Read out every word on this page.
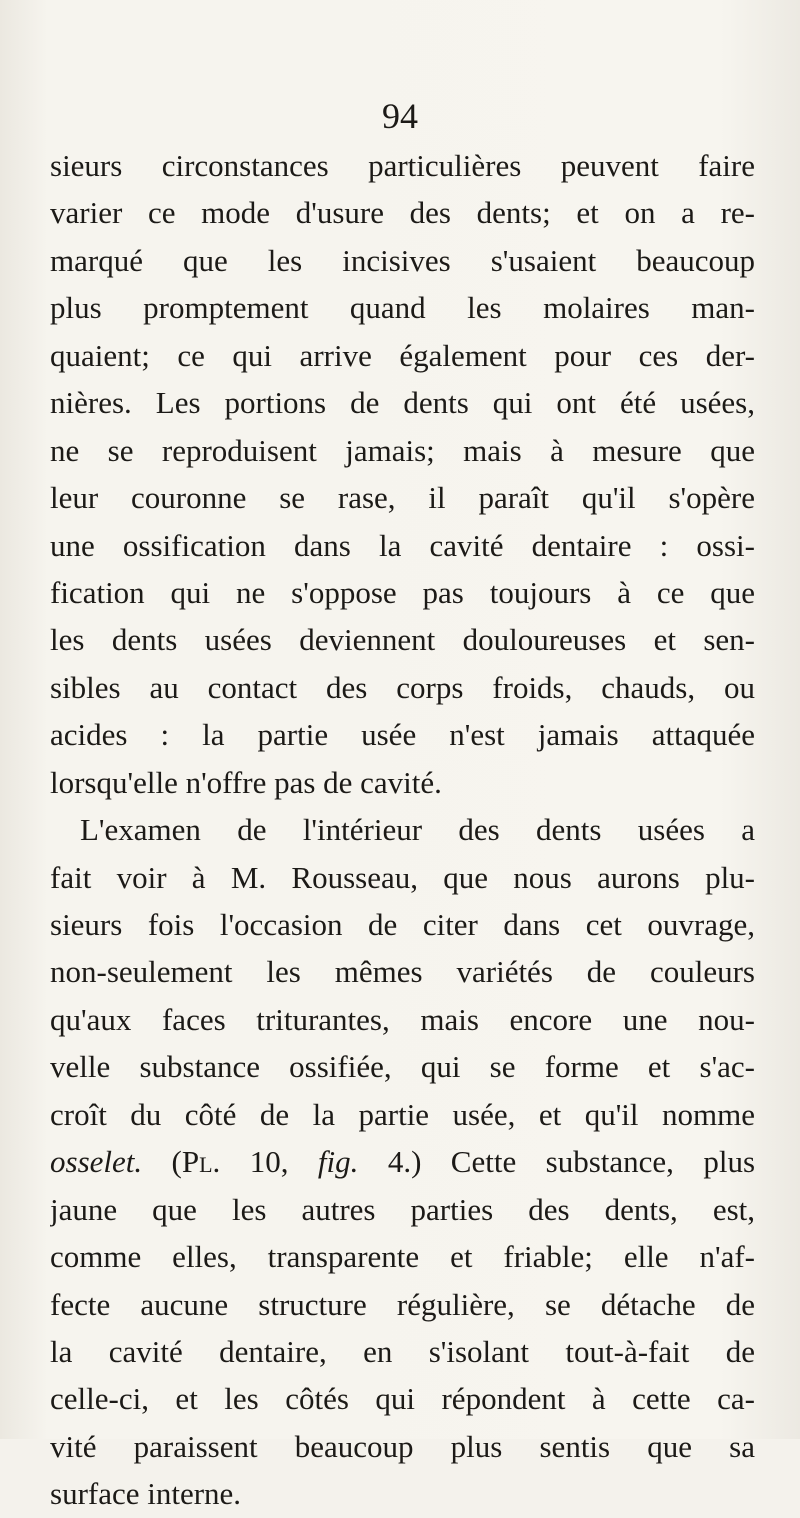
94
sieurs circonstances particulières peuvent faire
varier ce mode d'usure des dents; et on a re-
marqué que les incisives s'usaient beaucoup
plus promptement quand les molaires man-
quaient; ce qui arrive également pour ces der-
nières. Les portions de dents qui ont été usées,
ne se reproduisent jamais; mais à mesure que
leur couronne se rase, il paraît qu'il s'opère
une ossification dans la cavité dentaire : ossi-
fication qui ne s'oppose pas toujours à ce que
les dents usées deviennent douloureuses et sen-
sibles au contact des corps froids, chauds, ou
acides : la partie usée n'est jamais attaquée
lorsqu'elle n'offre pas de cavité.
L'examen de l'intérieur des dents usées a
fait voir à M. Rousseau, que nous aurons plu-
sieurs fois l'occasion de citer dans cet ouvrage,
non-seulement les mêmes variétés de couleurs
qu'aux faces triturantes, mais encore une nou-
velle substance ossifiée, qui se forme et s'ac-
croît du côté de la partie usée, et qu'il nomme
osselet. (Pl. 10, fig. 4.) Cette substance, plus
jaune que les autres parties des dents, est,
comme elles, transparente et friable; elle n'af-
fecte aucune structure régulière, se détache de
la cavité dentaire, en s'isolant tout-à-fait de
celle-ci, et les côtés qui répondent à cette ca-
vité paraissent beaucoup plus sentis que sa
surface interne.
